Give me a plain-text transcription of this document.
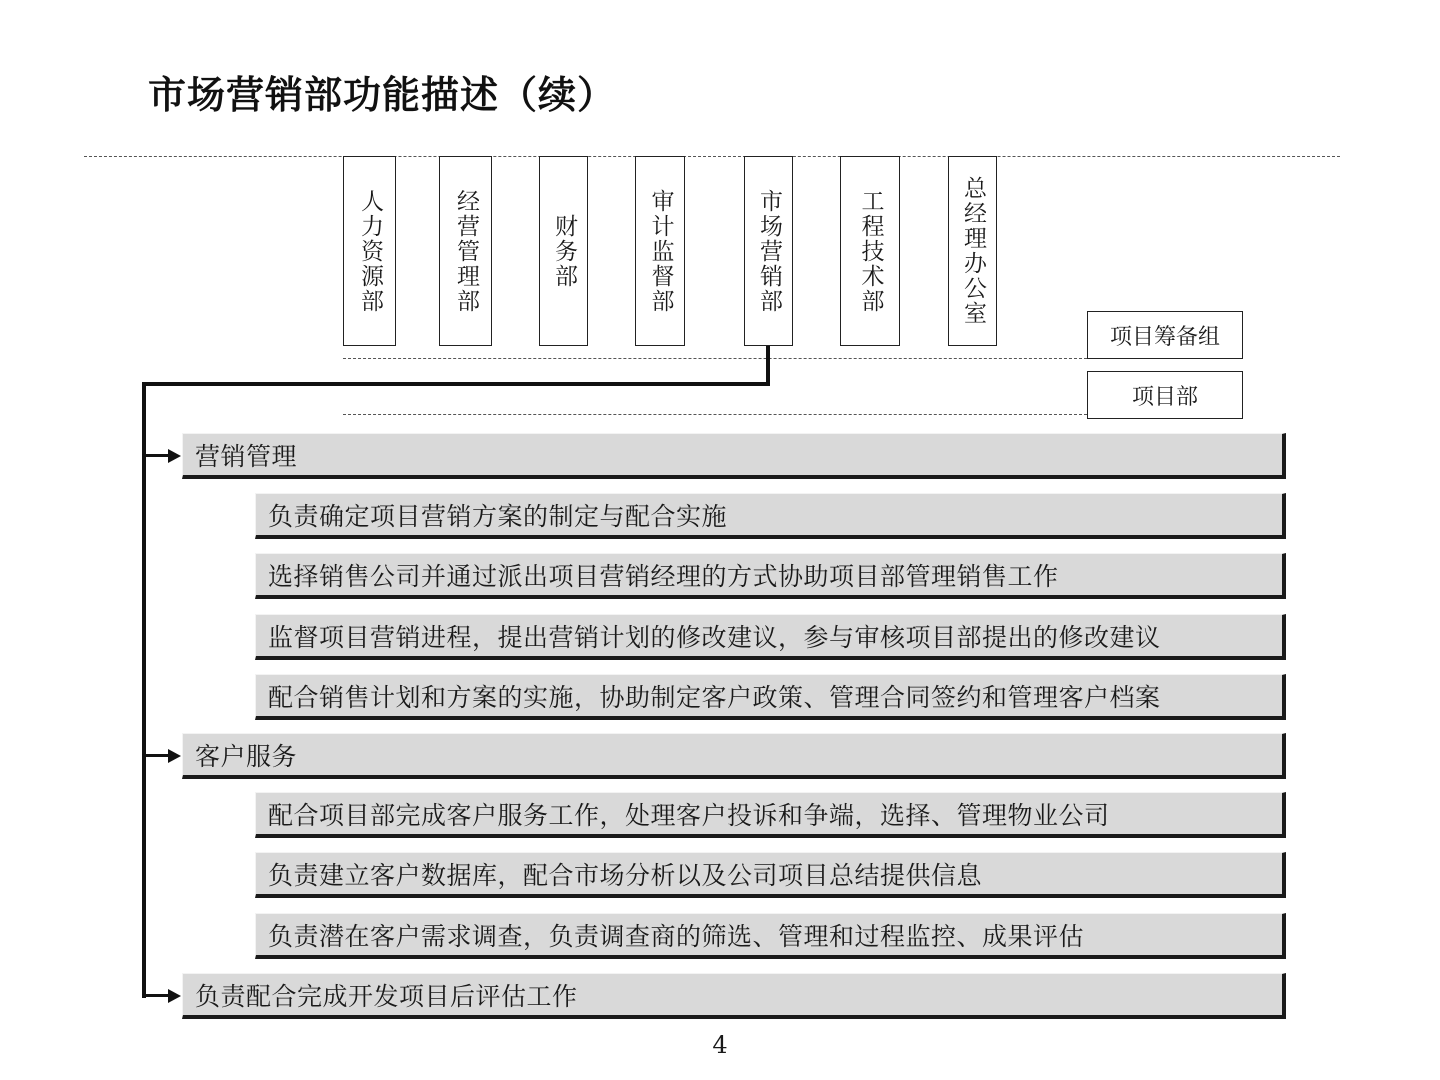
市场营销部功能描述（续）
人力资源部	经营管理部	财务部	审计监督部	市场营销部	工程技术部	总经理办公室
项目筹备组
项目部
营销管理
负责确定项目营销方案的制定与配合实施
选择销售公司并通过派出项目营销经理的方式协助项目部管理销售工作
监督项目营销进程，提出营销计划的修改建议，参与审核项目部提出的修改建议
配合销售计划和方案的实施，协助制定客户政策、管理合同签约和管理客户档案
客户服务
配合项目部完成客户服务工作，处理客户投诉和争端，选择、管理物业公司
负责建立客户数据库，配合市场分析以及公司项目总结提供信息
负责潜在客户需求调查，负责调查商的筛选、管理和过程监控、成果评估
负责配合完成开发项目后评估工作
4
